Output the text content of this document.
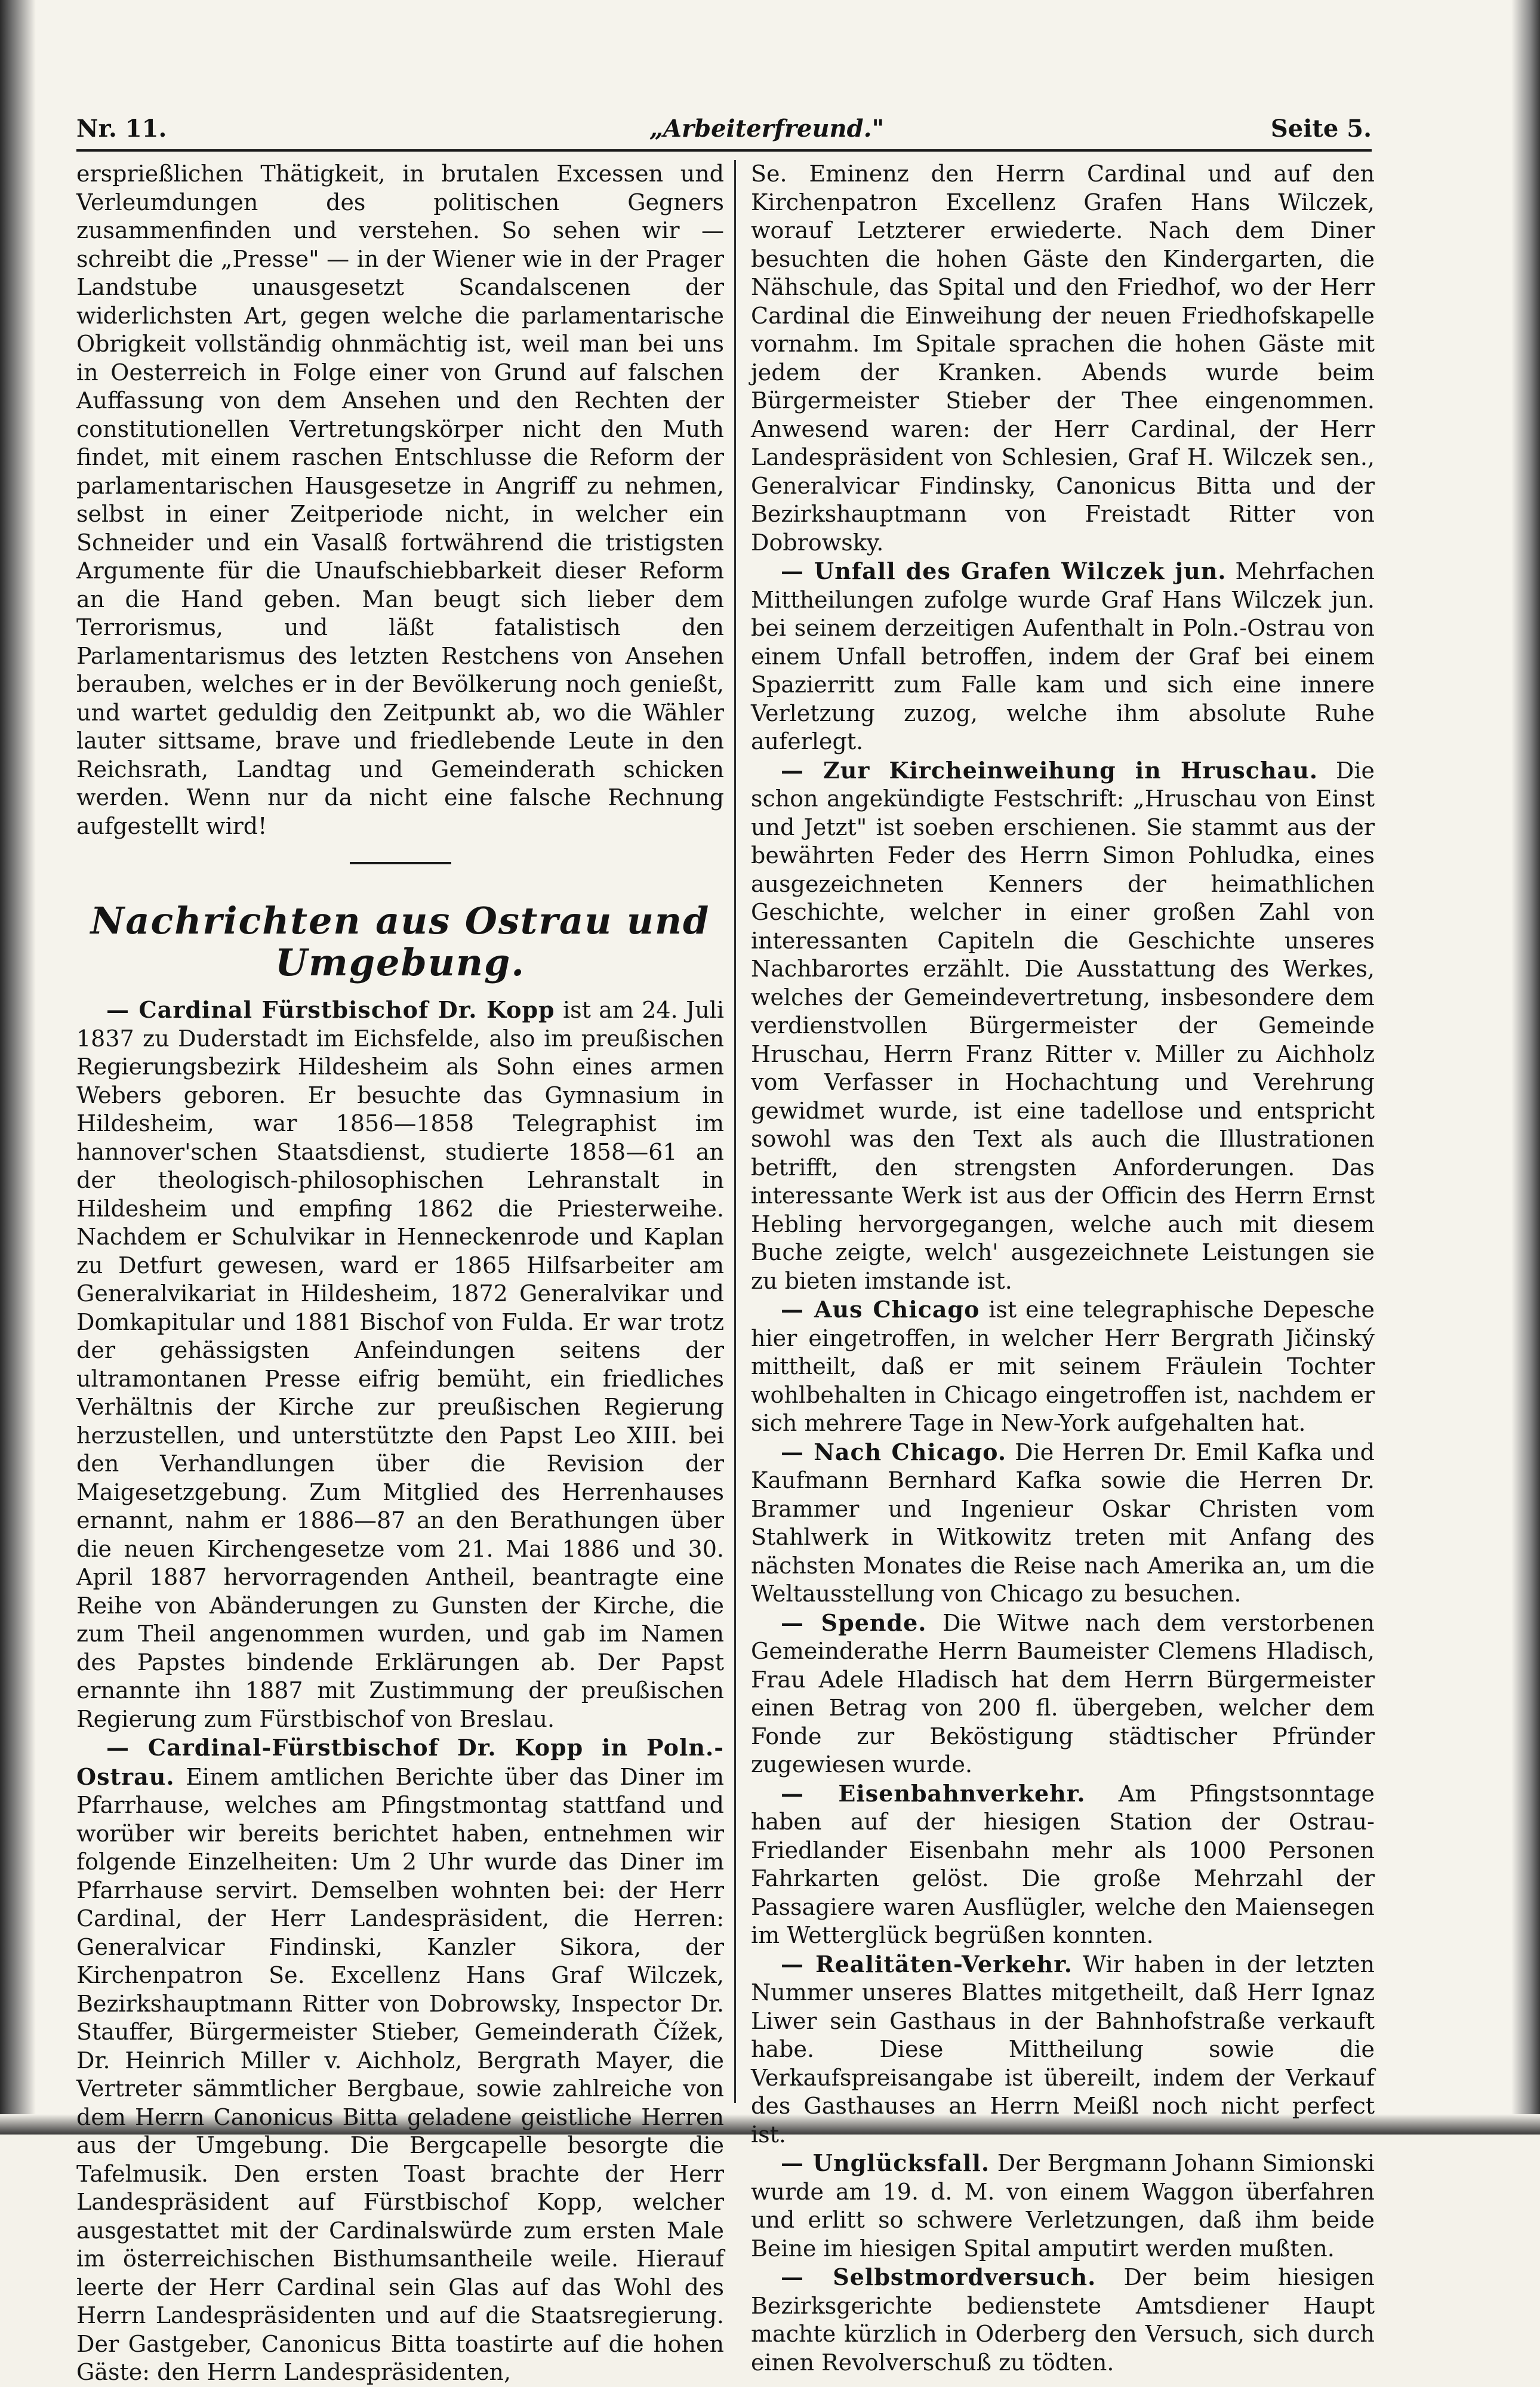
Nr. 11.	„Arbeiterfreund."	Seite 5.

ersprießlichen Thätigkeit, in brutalen Excessen und Verleumdungen des politischen Gegners zusammenfinden und verstehen. So sehen wir — schreibt die „Presse" — in der Wiener wie in der Prager Landstube unausgesetzt Scandalscenen der widerlichsten Art, gegen welche die parlamentarische Obrigkeit vollständig ohnmächtig ist, weil man bei uns in Oesterreich in Folge einer von Grund auf falschen Auffassung von dem Ansehen und den Rechten der constitutionellen Vertretungskörper nicht den Muth findet, mit einem raschen Entschlusse die Reform der parlamentarischen Hausgesetze in Angriff zu nehmen, selbst in einer Zeitperiode nicht, in welcher ein Schneider und ein Vasalß fortwährend die tristigsten Argumente für die Unaufschiebbarkeit dieser Reform an die Hand geben. Man beugt sich lieber dem Terrorismus, und läßt fatalistisch den Parlamentarismus des letzten Restchens von Ansehen berauben, welches er in der Bevölkerung noch genießt, und wartet geduldig den Zeitpunkt ab, wo die Wähler lauter sittsame, brave und friedlebende Leute in den Reichsrath, Landtag und Gemeinderath schicken werden. Wenn nur da nicht eine falsche Rechnung aufgestellt wird!

Nachrichten aus Ostrau und Umgebung.

— Cardinal Fürstbischof Dr. Kopp ist am 24. Juli 1837 zu Duderstadt im Eichsfelde, also im preußischen Regierungsbezirk Hildesheim als Sohn eines armen Webers geboren. Er besuchte das Gymnasium in Hildesheim, war 1856—1858 Telegraphist im hannover'schen Staatsdienst, studierte 1858—61 an der theologisch-philosophischen Lehranstalt in Hildesheim und empfing 1862 die Priesterweihe. Nachdem er Schulvikar in Henneckenrode und Kaplan zu Detfurt gewesen, ward er 1865 Hilfsarbeiter am Generalvikariat in Hildesheim, 1872 Generalvikar und Domkapitular und 1881 Bischof von Fulda. Er war trotz der gehässigsten Anfeindungen seitens der ultramontanen Presse eifrig bemüht, ein friedliches Verhältnis der Kirche zur preußischen Regierung herzustellen, und unterstützte den Papst Leo XIII. bei den Verhandlungen über die Revision der Maigesetzgebung. Zum Mitglied des Herrenhauses ernannt, nahm er 1886—87 an den Berathungen über die neuen Kirchengesetze vom 21. Mai 1886 und 30. April 1887 hervorragenden Antheil, beantragte eine Reihe von Abänderungen zu Gunsten der Kirche, die zum Theil angenommen wurden, und gab im Namen des Papstes bindende Erklärungen ab. Der Papst ernannte ihn 1887 mit Zustimmung der preußischen Regierung zum Fürstbischof von Breslau.

— Cardinal-Fürstbischof Dr. Kopp in Poln.-Ostrau. Einem amtlichen Berichte über das Diner im Pfarrhause, welches am Pfingstmontag stattfand und worüber wir bereits berichtet haben, entnehmen wir folgende Einzelheiten: Um 2 Uhr wurde das Diner im Pfarrhause servirt. Demselben wohnten bei: der Herr Cardinal, der Herr Landespräsident, die Herren: Generalvicar Findinski, Kanzler Sikora, der Kirchenpatron Se. Excellenz Hans Graf Wilczek, Bezirkshauptmann Ritter von Dobrowsky, Inspector Dr. Stauffer, Bürgermeister Stieber, Gemeinderath Čížek, Dr. Heinrich Miller v. Aichholz, Bergrath Mayer, die Vertreter sämmtlicher Bergbaue, sowie zahlreiche von dem Herrn Canonicus Bitta geladene geistliche Herren aus der Umgebung. Die Bergcapelle besorgte die Tafelmusik. Den ersten Toast brachte der Herr Landespräsident auf Fürstbischof Kopp, welcher ausgestattet mit der Cardinalswürde zum ersten Male im österreichischen Bisthumsantheile weile. Hierauf leerte der Herr Cardinal sein Glas auf das Wohl des Herrn Landespräsidenten und auf die Staatsregierung. Der Gastgeber, Canonicus Bitta toastirte auf die hohen Gäste: den Herrn Landespräsidenten,

Se. Eminenz den Herrn Cardinal und auf den Kirchenpatron Excellenz Grafen Hans Wilczek, worauf Letzterer erwiederte. Nach dem Diner besuchten die hohen Gäste den Kindergarten, die Nähschule, das Spital und den Friedhof, wo der Herr Cardinal die Einweihung der neuen Friedhofskapelle vornahm. Im Spitale sprachen die hohen Gäste mit jedem der Kranken. Abends wurde beim Bürgermeister Stieber der Thee eingenommen. Anwesend waren: der Herr Cardinal, der Herr Landespräsident von Schlesien, Graf H. Wilczek sen., Generalvicar Findinsky, Canonicus Bitta und der Bezirkshauptmann von Freistadt Ritter von Dobrowsky.

— Unfall des Grafen Wilczek jun. Mehrfachen Mittheilungen zufolge wurde Graf Hans Wilczek jun. bei seinem derzeitigen Aufenthalt in Poln.-Ostrau von einem Unfall betroffen, indem der Graf bei einem Spazierritt zum Falle kam und sich eine innere Verletzung zuzog, welche ihm absolute Ruhe auferlegt.

— Zur Kircheinweihung in Hruschau. Die schon angekündigte Festschrift: „Hruschau von Einst und Jetzt" ist soeben erschienen. Sie stammt aus der bewährten Feder des Herrn Simon Pohludka, eines ausgezeichneten Kenners der heimathlichen Geschichte, welcher in einer großen Zahl von interessanten Capiteln die Geschichte unseres Nachbarortes erzählt. Die Ausstattung des Werkes, welches der Gemeindevertretung, insbesondere dem verdienstvollen Bürgermeister der Gemeinde Hruschau, Herrn Franz Ritter v. Miller zu Aichholz vom Verfasser in Hochachtung und Verehrung gewidmet wurde, ist eine tadellose und entspricht sowohl was den Text als auch die Illustrationen betrifft, den strengsten Anforderungen. Das interessante Werk ist aus der Officin des Herrn Ernst Hebling hervorgegangen, welche auch mit diesem Buche zeigte, welch' ausgezeichnete Leistungen sie zu bieten imstande ist.

— Aus Chicago ist eine telegraphische Depesche hier eingetroffen, in welcher Herr Bergrath Jičinský mittheilt, daß er mit seinem Fräulein Tochter wohlbehalten in Chicago eingetroffen ist, nachdem er sich mehrere Tage in New-York aufgehalten hat.

— Nach Chicago. Die Herren Dr. Emil Kafka und Kaufmann Bernhard Kafka sowie die Herren Dr. Brammer und Ingenieur Oskar Christen vom Stahlwerk in Witkowitz treten mit Anfang des nächsten Monates die Reise nach Amerika an, um die Weltausstellung von Chicago zu besuchen.

— Spende. Die Witwe nach dem verstorbenen Gemeinderathe Herrn Baumeister Clemens Hladisch, Frau Adele Hladisch hat dem Herrn Bürgermeister einen Betrag von 200 fl. übergeben, welcher dem Fonde zur Beköstigung städtischer Pfründer zugewiesen wurde.

— Eisenbahnverkehr. Am Pfingstsonntage haben auf der hiesigen Station der Ostrau-Friedlander Eisenbahn mehr als 1000 Personen Fahrkarten gelöst. Die große Mehrzahl der Passagiere waren Ausflügler, welche den Maiensegen im Wetterglück begrüßen konnten.

— Realitäten-Verkehr. Wir haben in der letzten Nummer unseres Blattes mitgetheilt, daß Herr Ignaz Liwer sein Gasthaus in der Bahnhofstraße verkauft habe. Diese Mittheilung sowie die Verkaufspreisangabe ist übereilt, indem der Verkauf des Gasthauses an Herrn Meißl noch nicht perfect ist.

— Unglücksfall. Der Bergmann Johann Simionski wurde am 19. d. M. von einem Waggon überfahren und erlitt so schwere Verletzungen, daß ihm beide Beine im hiesigen Spital amputirt werden mußten.

— Selbstmordversuch. Der beim hiesigen Bezirksgerichte bedienstete Amtsdiener Haupt machte kürzlich in Oderberg den Versuch, sich durch einen Revolverschuß zu tödten.
